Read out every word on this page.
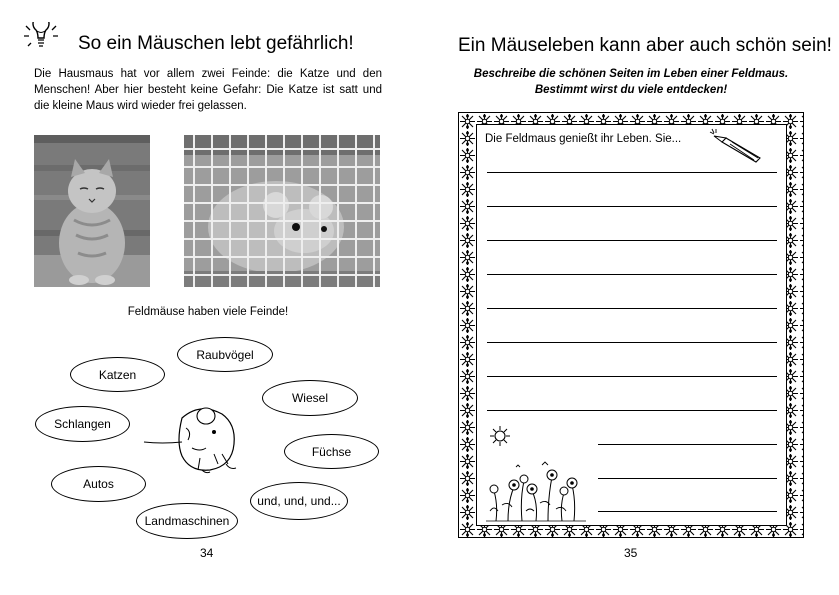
So ein Mäuschen lebt gefährlich!
Die Hausmaus hat vor allem zwei Feinde: die Katze und den Menschen! Aber hier besteht keine Gefahr: Die Katze ist satt und die kleine Maus wird wieder frei gelassen.
Feldmäuse haben viele Feinde!
Raubvögel
Katzen
Wiesel
Schlangen
Füchse
Autos
und, und, und...
Landmaschinen
34
Ein Mäuseleben kann aber auch schön sein!
Beschreibe die schönen Seiten im Leben einer Feldmaus.
Bestimmt wirst du viele entdecken!
Die Feldmaus genießt ihr Leben. Sie...
35
